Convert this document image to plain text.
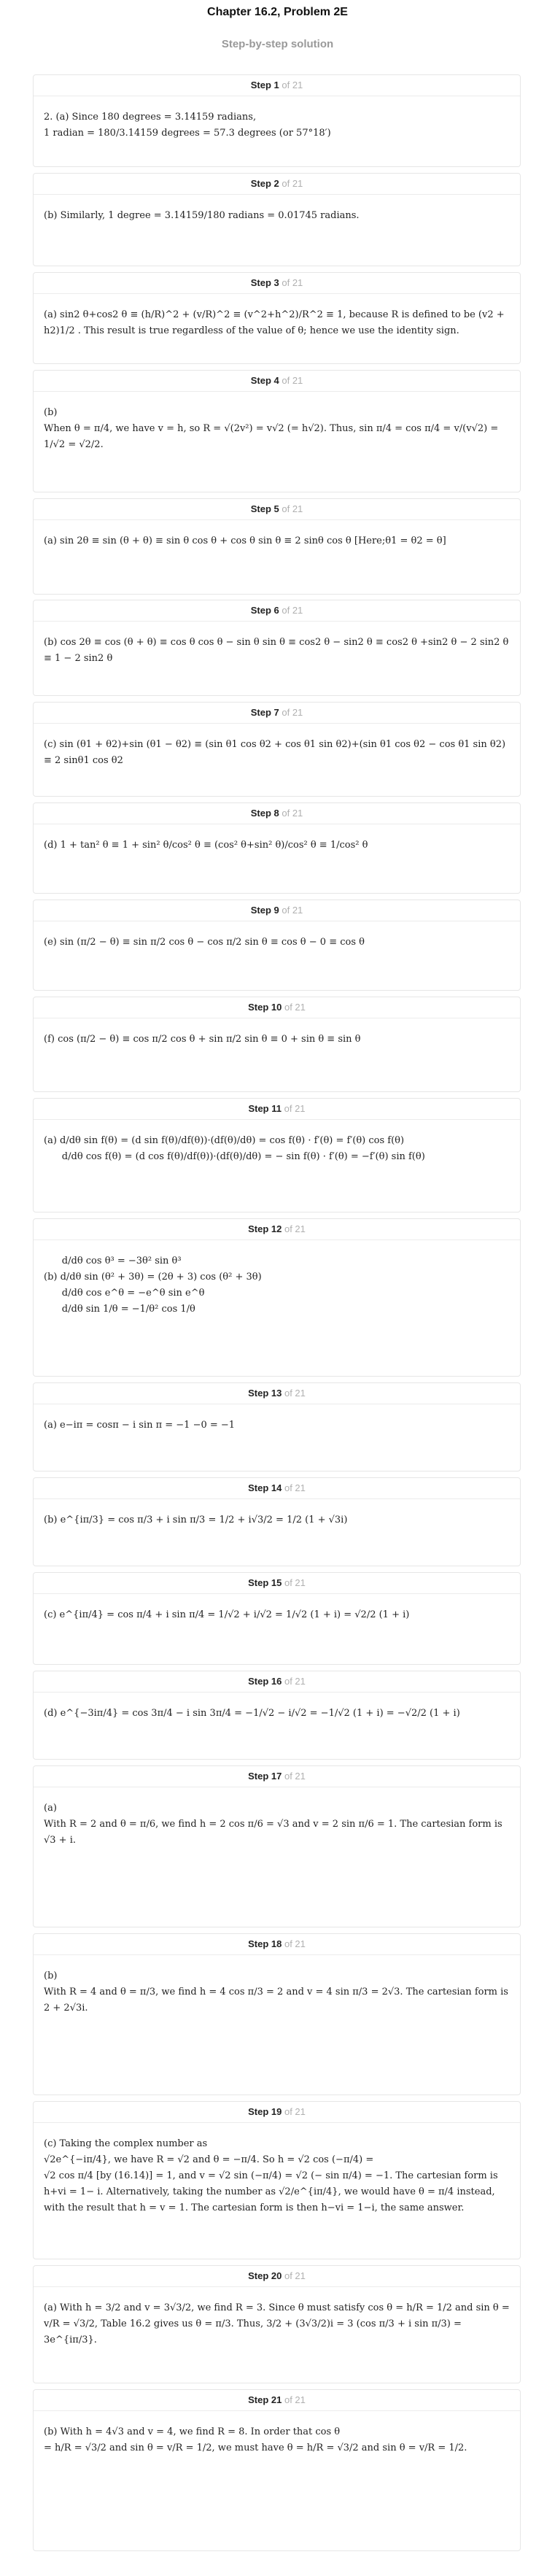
Chapter 16.2, Problem 2E
Step-by-step solution
Step 1 of 21
2. (a) Since 180 degrees = 3.14159 radians,
1 radian = 180/3.14159 degrees = 57.3 degrees (or 57°18′)
Step 2 of 21
(b) Similarly, 1 degree = 3.14159/180 radians = 0.01745 radians.
Step 3 of 21
(a) sin2 θ+cos2 θ ≡ (h/R)^2 + (v/R)^2 ≡ (v^2+h^2)/R^2 ≡ 1, because R is defined to be (v2 + h2)1/2 . This result is true regardless of the value of θ; hence we use the identity sign.
Step 4 of 21
(b)
When θ = π/4, we have v = h, so R = √(2v²) = v√2 (= h√2). Thus, sin π/4 = cos π/4 = v/(v√2) = 1/√2 = √2/2.
Step 5 of 21
(a) sin 2θ ≡ sin (θ + θ) ≡ sin θ cos θ + cos θ sin θ ≡ 2 sinθ cos θ [Here;θ1 = θ2 = θ]
Step 6 of 21
(b) cos 2θ ≡ cos (θ + θ) ≡ cos θ cos θ − sin θ sin θ ≡ cos2 θ − sin2 θ ≡ cos2 θ +sin2 θ − 2 sin2 θ ≡ 1 − 2 sin2 θ
Step 7 of 21
(c) sin (θ1 + θ2)+sin (θ1 − θ2) ≡ (sin θ1 cos θ2 + cos θ1 sin θ2)+(sin θ1 cos θ2 − cos θ1 sin θ2) ≡ 2 sinθ1 cos θ2
Step 8 of 21
(d) 1 + tan² θ ≡ 1 + sin² θ/cos² θ ≡ (cos² θ+sin² θ)/cos² θ ≡ 1/cos² θ
Step 9 of 21
(e) sin (π/2 − θ) ≡ sin π/2 cos θ − cos π/2 sin θ ≡ cos θ − 0 ≡ cos θ
Step 10 of 21
(f) cos (π/2 − θ) ≡ cos π/2 cos θ + sin π/2 sin θ ≡ 0 + sin θ ≡ sin θ
Step 11 of 21
(a) d/dθ sin f(θ) = (d sin f(θ)/df(θ))·(df(θ)/dθ) = cos f(θ) · f′(θ) = f′(θ) cos f(θ)
d/dθ cos f(θ) = (d cos f(θ)/df(θ))·(df(θ)/dθ) = − sin f(θ) · f′(θ) = −f′(θ) sin f(θ)
Step 12 of 21
d/dθ cos θ³ = −3θ² sin θ³
(b) d/dθ sin (θ² + 3θ) = (2θ + 3) cos (θ² + 3θ)
d/dθ cos e^θ = −e^θ sin e^θ
d/dθ sin 1/θ = −1/θ² cos 1/θ
Step 13 of 21
(a) e−iπ = cosπ − i sin π = −1 −0 = −1
Step 14 of 21
(b) e^{iπ/3} = cos π/3 + i sin π/3 = 1/2 + i√3/2 = 1/2 (1 + √3i)
Step 15 of 21
(c) e^{iπ/4} = cos π/4 + i sin π/4 = 1/√2 + i/√2 = 1/√2 (1 + i) = √2/2 (1 + i)
Step 16 of 21
(d) e^{−3iπ/4} = cos 3π/4 − i sin 3π/4 = −1/√2 − i/√2 = −1/√2 (1 + i) = −√2/2 (1 + i)
Step 17 of 21
(a)
With R = 2 and θ = π/6, we find h = 2 cos π/6 = √3 and v = 2 sin π/6 = 1. The cartesian form is √3 + i.
Step 18 of 21
(b)
With R = 4 and θ = π/3, we find h = 4 cos π/3 = 2 and v = 4 sin π/3 = 2√3. The cartesian form is 2 + 2√3i.
Step 19 of 21
(c) Taking the complex number as
√2e^{−iπ/4}, we have R = √2 and θ = −π/4. So h = √2 cos (−π/4) =
√2 cos π/4 [by (16.14)] = 1, and v = √2 sin (−π/4) = √2 (− sin π/4) = −1. The cartesian form is h+vi = 1− i. Alternatively, taking the number as √2/e^{iπ/4}, we would have θ = π/4 instead, with the result that h = v = 1. The cartesian form is then h−vi = 1−i, the same answer.
Step 20 of 21
(a) With h = 3/2 and v = 3√3/2, we find R = 3. Since θ must satisfy cos θ = h/R = 1/2 and sin θ = v/R = √3/2, Table 16.2 gives us θ = π/3. Thus, 3/2 + (3√3/2)i = 3 (cos π/3 + i sin π/3) = 3e^{iπ/3}.
Step 21 of 21
(b) With h = 4√3 and v = 4, we find R = 8. In order that cos θ
= h/R = √3/2 and sin θ = v/R = 1/2, we must have θ = h/R = √3/2 and sin θ = v/R = 1/2.
